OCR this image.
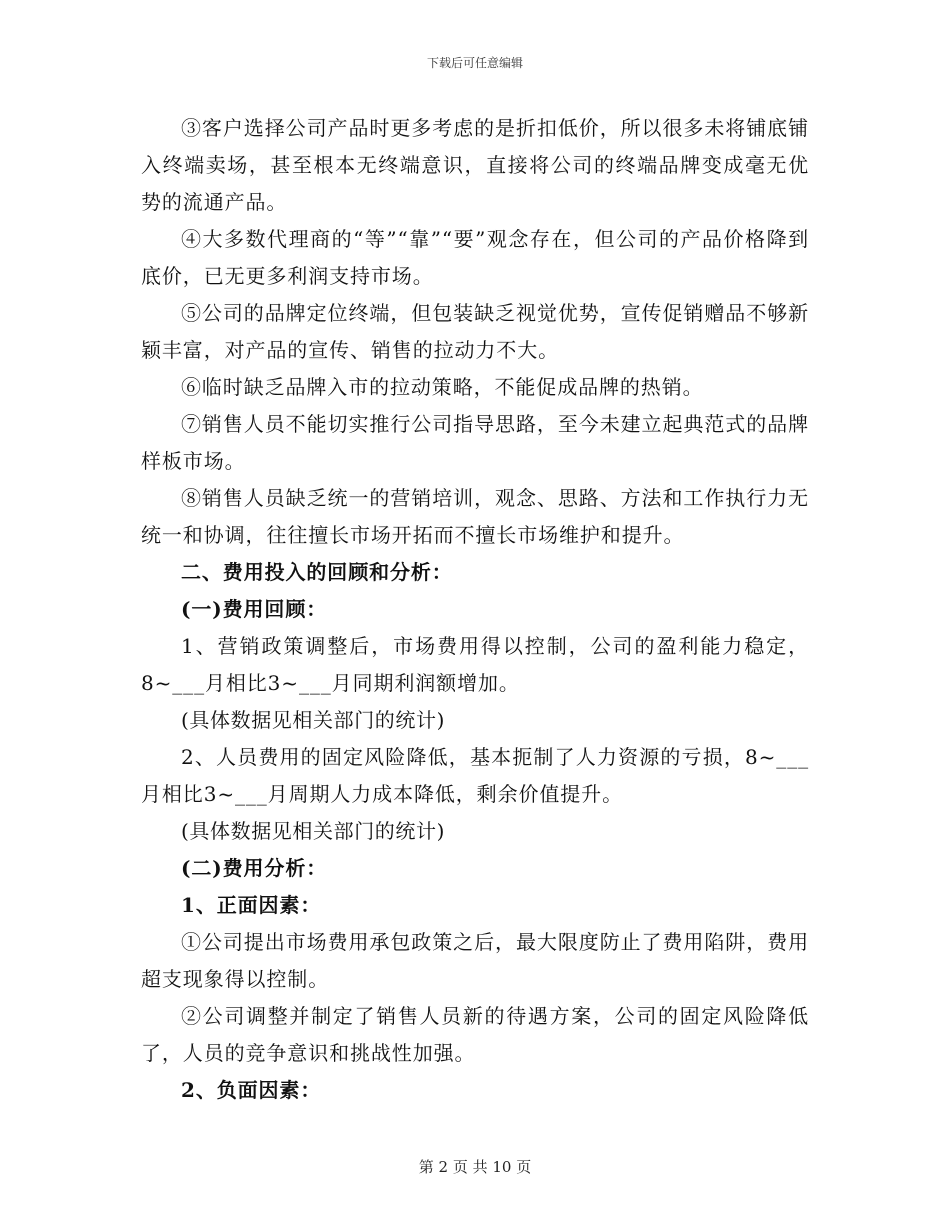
下载后可任意编辑

③客户选择公司产品时更多考虑的是折扣低价，所以很多未将铺底铺入终端卖场，甚至根本无终端意识，直接将公司的终端品牌变成毫无优势的流通产品。

④大多数代理商的“等”“靠”“要”观念存在，但公司的产品价格降到底价，已无更多利润支持市场。

⑤公司的品牌定位终端，但包装缺乏视觉优势，宣传促销赠品不够新颖丰富，对产品的宣传、销售的拉动力不大。

⑥临时缺乏品牌入市的拉动策略，不能促成品牌的热销。

⑦销售人员不能切实推行公司指导思路，至今未建立起典范式的品牌样板市场。

⑧销售人员缺乏统一的营销培训，观念、思路、方法和工作执行力无统一和协调，往往擅长市场开拓而不擅长市场维护和提升。

二、费用投入的回顾和分析：

(一)费用回顾：

1、营销政策调整后，市场费用得以控制，公司的盈利能力稳定，8~___月相比3~___月同期利润额增加。

(具体数据见相关部门的统计)

2、人员费用的固定风险降低，基本扼制了人力资源的亏损，8~___月相比3~___月周期人力成本降低，剩余价值提升。

(具体数据见相关部门的统计)

(二)费用分析：

1、正面因素：

①公司提出市场费用承包政策之后，最大限度防止了费用陷阱，费用超支现象得以控制。

②公司调整并制定了销售人员新的待遇方案，公司的固定风险降低了，人员的竞争意识和挑战性加强。

2、负面因素：

第 2 页 共 10 页
